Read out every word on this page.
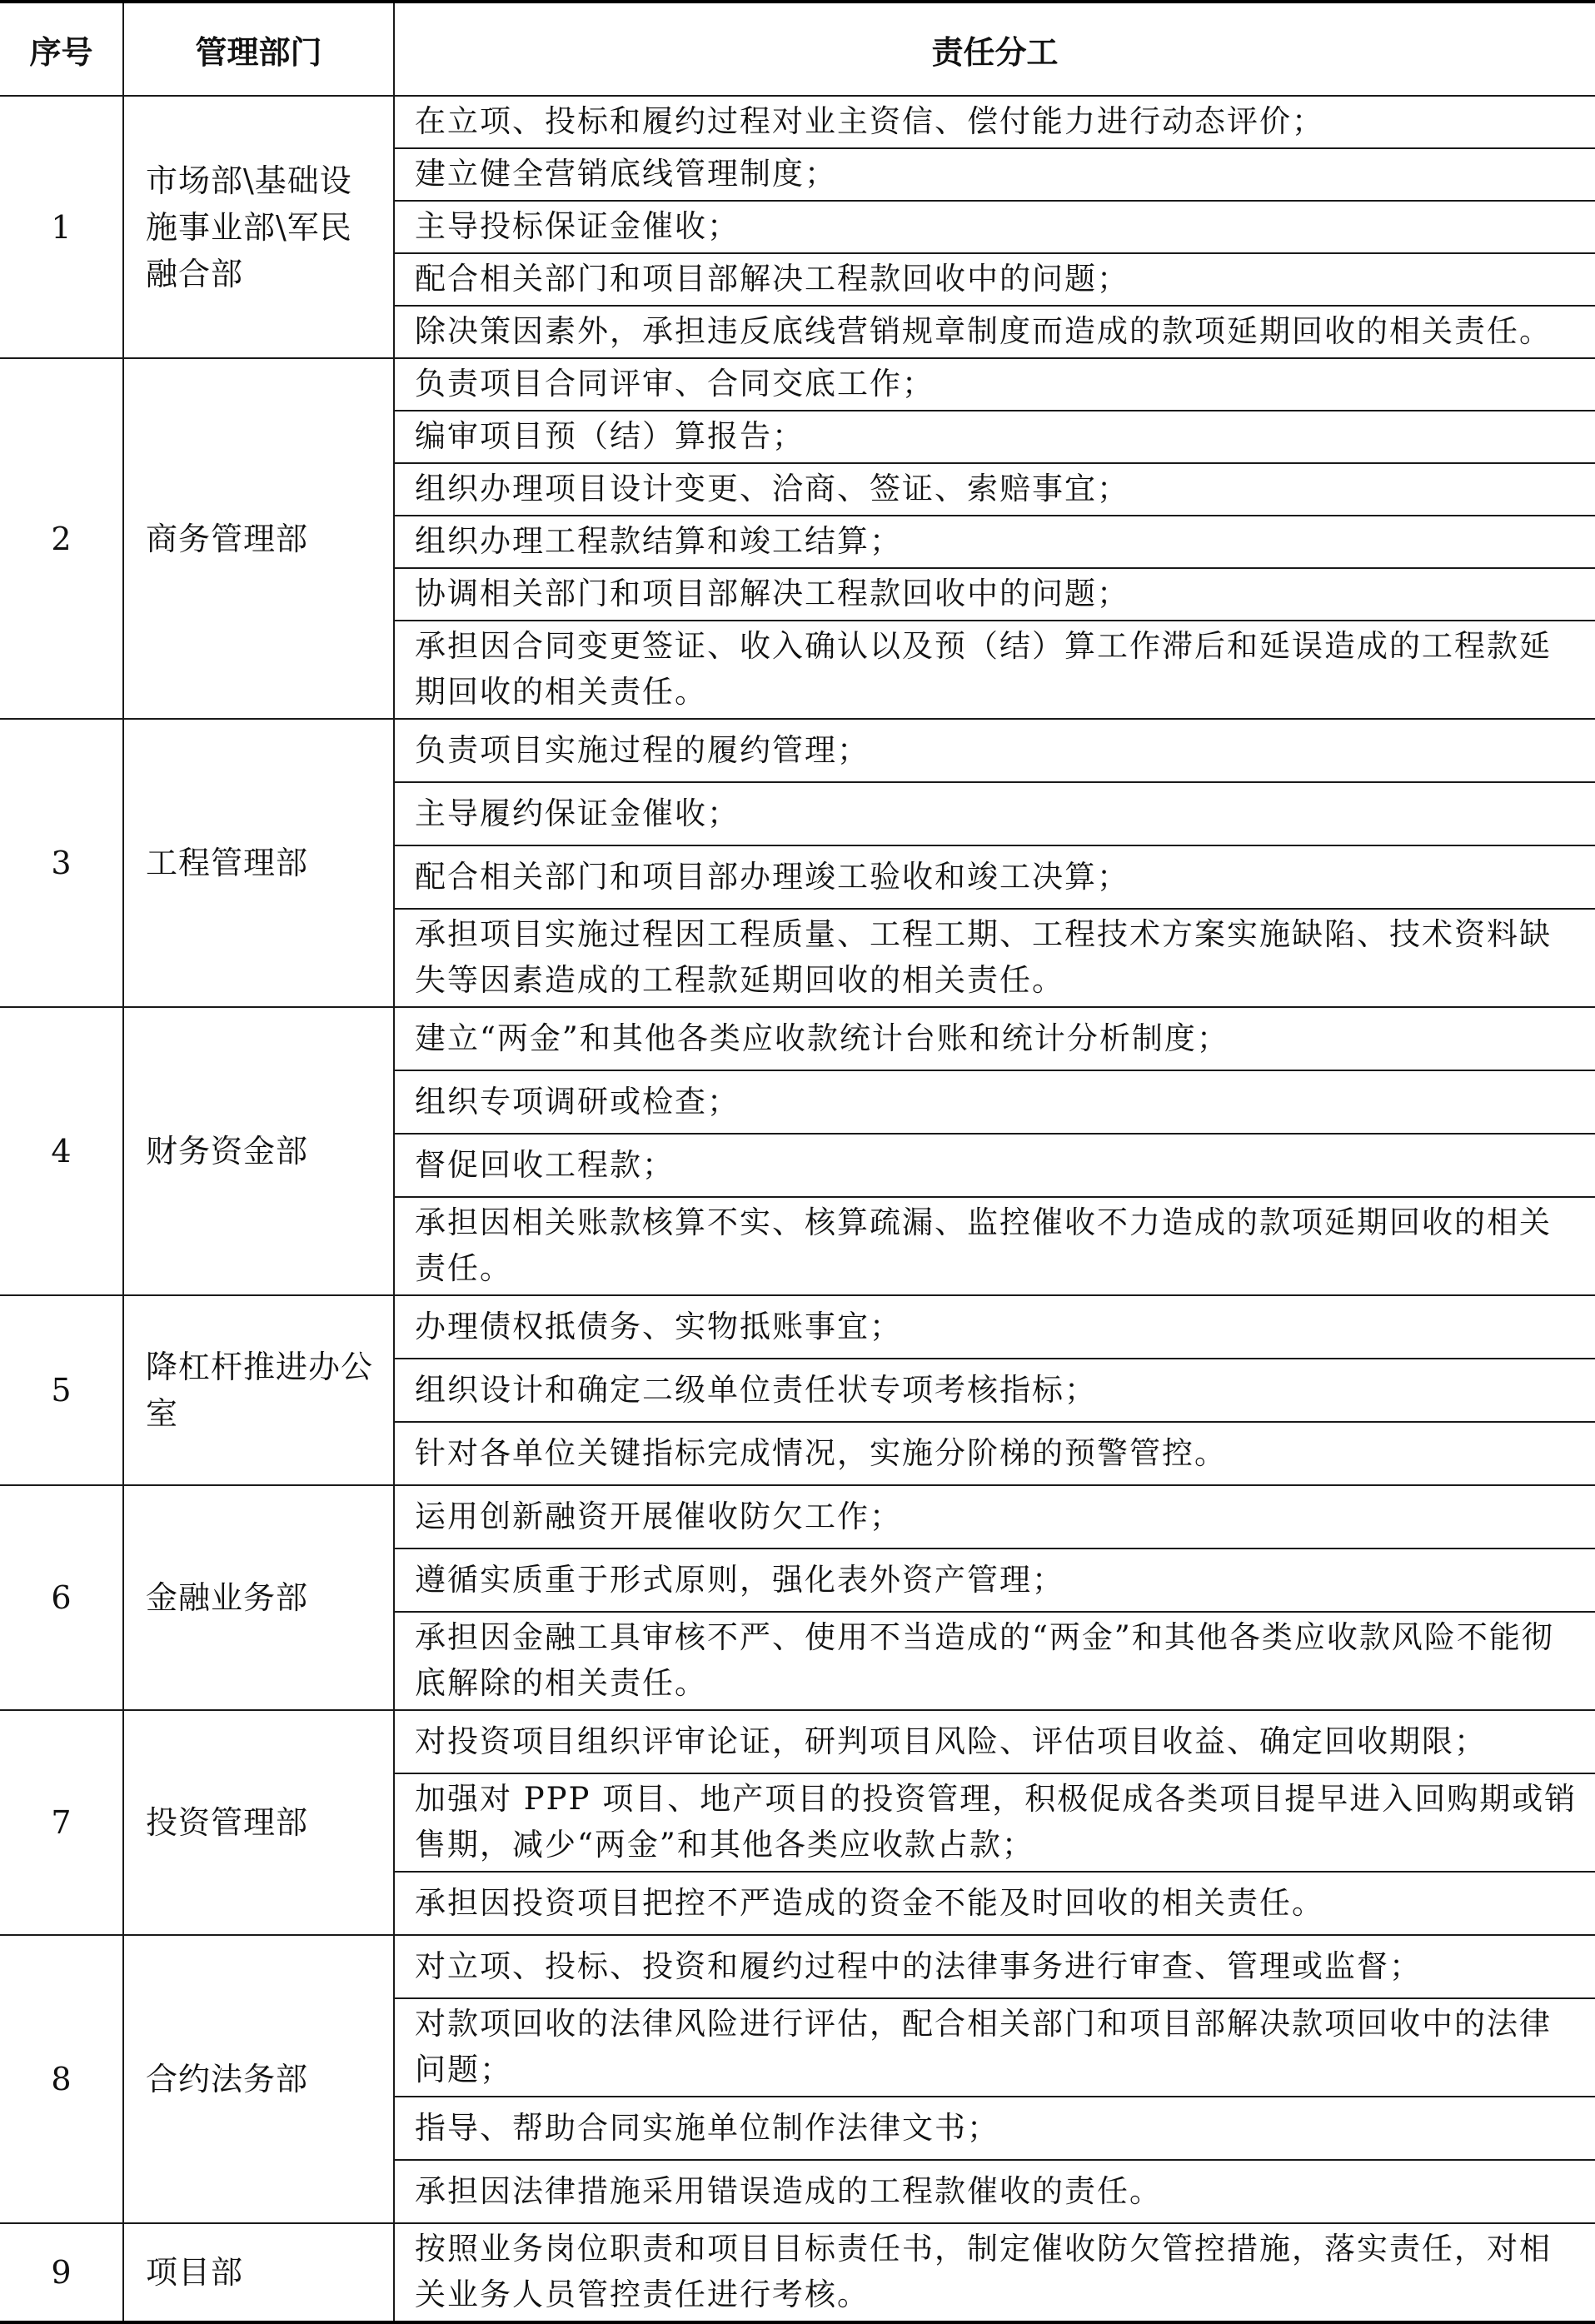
序号	管理部门	责任分工
1	市场部\基础设施事业部\军民融合部	在立项、投标和履约过程对业主资信、偿付能力进行动态评价；
		建立健全营销底线管理制度；
		主导投标保证金催收；
		配合相关部门和项目部解决工程款回收中的问题；
		除决策因素外，承担违反底线营销规章制度而造成的款项延期回收的相关责任。
2	商务管理部	负责项目合同评审、合同交底工作；
		编审项目预（结）算报告；
		组织办理项目设计变更、洽商、签证、索赔事宜；
		组织办理工程款结算和竣工结算；
		协调相关部门和项目部解决工程款回收中的问题；
		承担因合同变更签证、收入确认以及预（结）算工作滞后和延误造成的工程款延期回收的相关责任。
3	工程管理部	负责项目实施过程的履约管理；
		主导履约保证金催收；
		配合相关部门和项目部办理竣工验收和竣工决算；
		承担项目实施过程因工程质量、工程工期、工程技术方案实施缺陷、技术资料缺失等因素造成的工程款延期回收的相关责任。
4	财务资金部	建立“两金”和其他各类应收款统计台账和统计分析制度；
		组织专项调研或检查；
		督促回收工程款；
		承担因相关账款核算不实、核算疏漏、监控催收不力造成的款项延期回收的相关责任。
5	降杠杆推进办公室	办理债权抵债务、实物抵账事宜；
		组织设计和确定二级单位责任状专项考核指标；
		针对各单位关键指标完成情况，实施分阶梯的预警管控。
6	金融业务部	运用创新融资开展催收防欠工作；
		遵循实质重于形式原则，强化表外资产管理；
		承担因金融工具审核不严、使用不当造成的“两金”和其他各类应收款风险不能彻底解除的相关责任。
7	投资管理部	对投资项目组织评审论证，研判项目风险、评估项目收益、确定回收期限；
		加强对 PPP 项目、地产项目的投资管理，积极促成各类项目提早进入回购期或销售期，减少“两金”和其他各类应收款占款；
		承担因投资项目把控不严造成的资金不能及时回收的相关责任。
8	合约法务部	对立项、投标、投资和履约过程中的法律事务进行审查、管理或监督；
		对款项回收的法律风险进行评估，配合相关部门和项目部解决款项回收中的法律问题；
		指导、帮助合同实施单位制作法律文书；
		承担因法律措施采用错误造成的工程款催收的责任。
9	项目部	按照业务岗位职责和项目目标责任书，制定催收防欠管控措施，落实责任，对相关业务人员管控责任进行考核。
